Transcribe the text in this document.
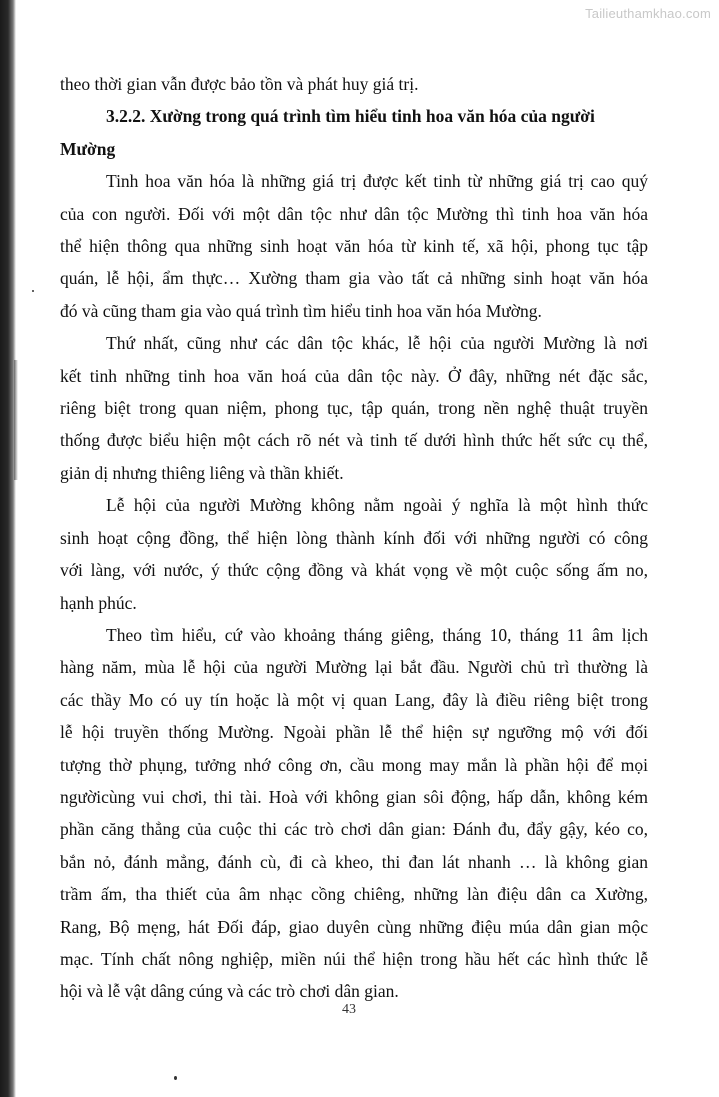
Tailieuthamkhao.com
theo thời gian vẫn được bảo tồn và phát huy giá trị.
3.2.2. Xường trong quá trình tìm hiểu tinh hoa văn hóa của người
Mường
Tinh hoa văn hóa là những giá trị được kết tinh từ những giá trị cao quý
của con người. Đối với một dân tộc như dân tộc Mường thì tinh hoa văn hóa
thể hiện thông qua những sinh hoạt văn hóa từ kinh tế, xã hội, phong tục tập
quán, lễ hội, ẩm thực… Xường tham gia vào tất cả những sinh hoạt văn hóa
đó và cũng tham gia vào quá trình tìm hiểu tinh hoa văn hóa Mường.
Thứ nhất, cũng như các dân tộc khác, lễ hội của người Mường là nơi
kết tinh những tinh hoa văn hoá của dân tộc này. Ở đây, những nét đặc sắc,
riêng biệt trong quan niệm, phong tục, tập quán, trong nền nghệ thuật truyền
thống được biểu hiện một cách rõ nét và tinh tế dưới hình thức hết sức cụ thể,
giản dị nhưng thiêng liêng và thần khiết.
Lễ hội của người Mường không nằm ngoài ý nghĩa là một hình thức
sinh hoạt cộng đồng, thể hiện lòng thành kính đối với những người có công
với làng, với nước, ý thức cộng đồng và khát vọng về một cuộc sống ấm no,
hạnh phúc.
Theo tìm hiểu, cứ vào khoảng tháng giêng, tháng 10, tháng 11 âm lịch
hàng năm, mùa lễ hội của người Mường lại bắt đầu. Người chủ trì thường là
các thầy Mo có uy tín hoặc là một vị quan Lang, đây là điều riêng biệt trong
lễ hội truyền thống Mường. Ngoài phần lễ thể hiện sự ngưỡng mộ với đối
tượng thờ phụng, tưởng nhớ công ơn, cầu mong may mắn là phần hội để mọi
ngườicùng vui chơi, thi tài. Hoà với không gian sôi động, hấp dẫn, không kém
phần căng thẳng của cuộc thi các trò chơi dân gian: Đánh đu, đẩy gậy, kéo co,
bắn nỏ, đánh mẳng, đánh cù, đi cà kheo, thi đan lát nhanh … là không gian
trầm ấm, tha thiết của âm nhạc cồng chiêng, những làn điệu dân ca Xường,
Rang, Bộ mẹng, hát Đối đáp, giao duyên cùng những điệu múa dân gian mộc
mạc. Tính chất nông nghiệp, miền núi thể hiện trong hầu hết các hình thức lễ
hội và lễ vật dâng cúng và các trò chơi dân gian.
43
